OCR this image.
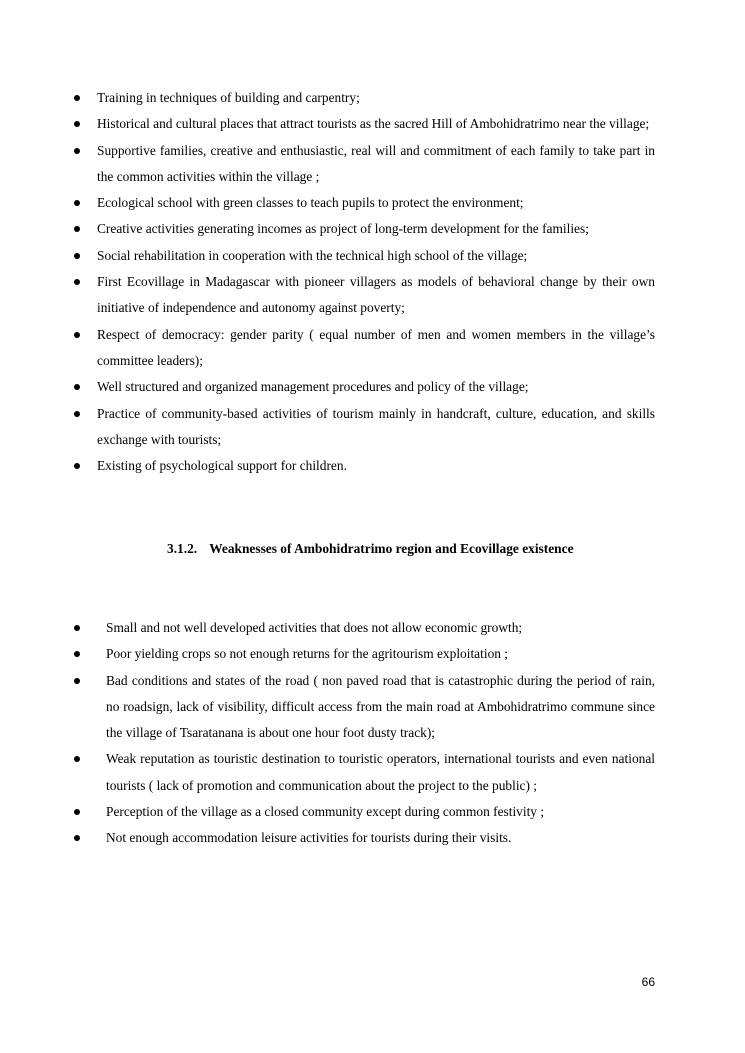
Training in techniques of building and carpentry;
Historical and cultural places that attract tourists as the sacred Hill of Ambohidratrimo near the village;
Supportive families, creative and enthusiastic, real will and commitment of each family to take part in the common activities within the village ;
Ecological school with green classes to teach pupils to protect the environment;
Creative activities generating incomes as project of long-term development for the families;
Social rehabilitation in cooperation with the technical high school of the village;
First Ecovillage in Madagascar with pioneer villagers as models of behavioral change by their own initiative of independence and autonomy against poverty;
Respect of democracy: gender parity ( equal number of men and women members in the village’s committee leaders);
Well structured and organized management procedures and policy of the village;
Practice of community-based activities of tourism mainly in handcraft, culture, education, and skills exchange with tourists;
Existing of psychological support for children.
3.1.2. Weaknesses of Ambohidratrimo region and Ecovillage existence
Small and not well developed activities that does not allow economic growth;
Poor yielding crops so not enough returns for the agritourism exploitation ;
Bad conditions and states of the road ( non paved road that is catastrophic during the period of rain, no roadsign, lack of visibility, difficult access from the main road at Ambohidratrimo commune since the village of Tsaratanana is about one hour foot dusty track);
Weak reputation as touristic destination to touristic operators, international tourists and even national tourists ( lack of promotion and communication about the project to the public) ;
Perception of the village as a closed community except during common festivity ;
Not enough accommodation leisure activities for tourists during their visits.
66
